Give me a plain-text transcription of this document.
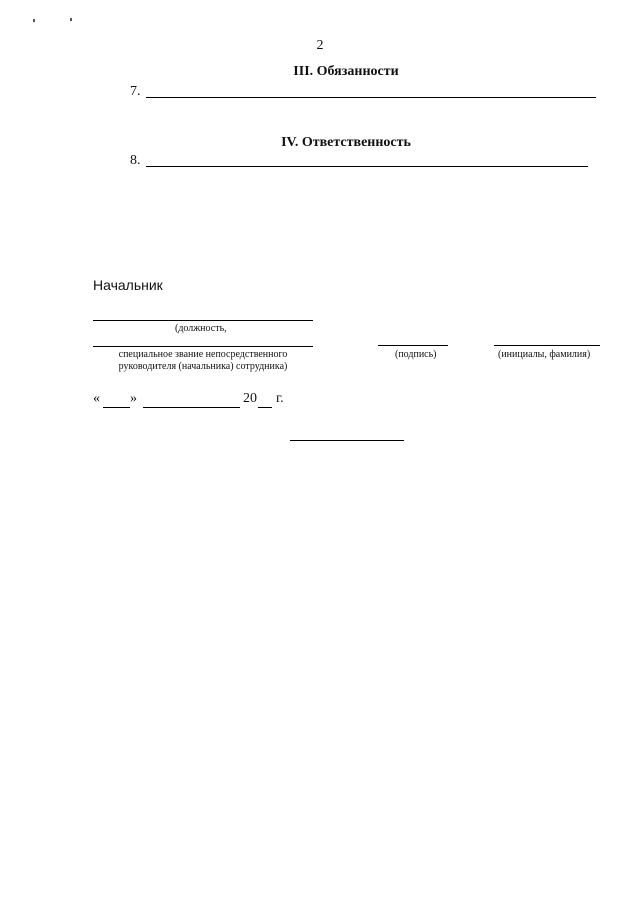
2
III. Обязанности
7.
IV. Ответственность
8.
Начальник
(должность,
специальное звание непосредственного руководителя (начальника) сотрудника)
(подпись)	(инициалы, фамилия)
« »	20 г.
